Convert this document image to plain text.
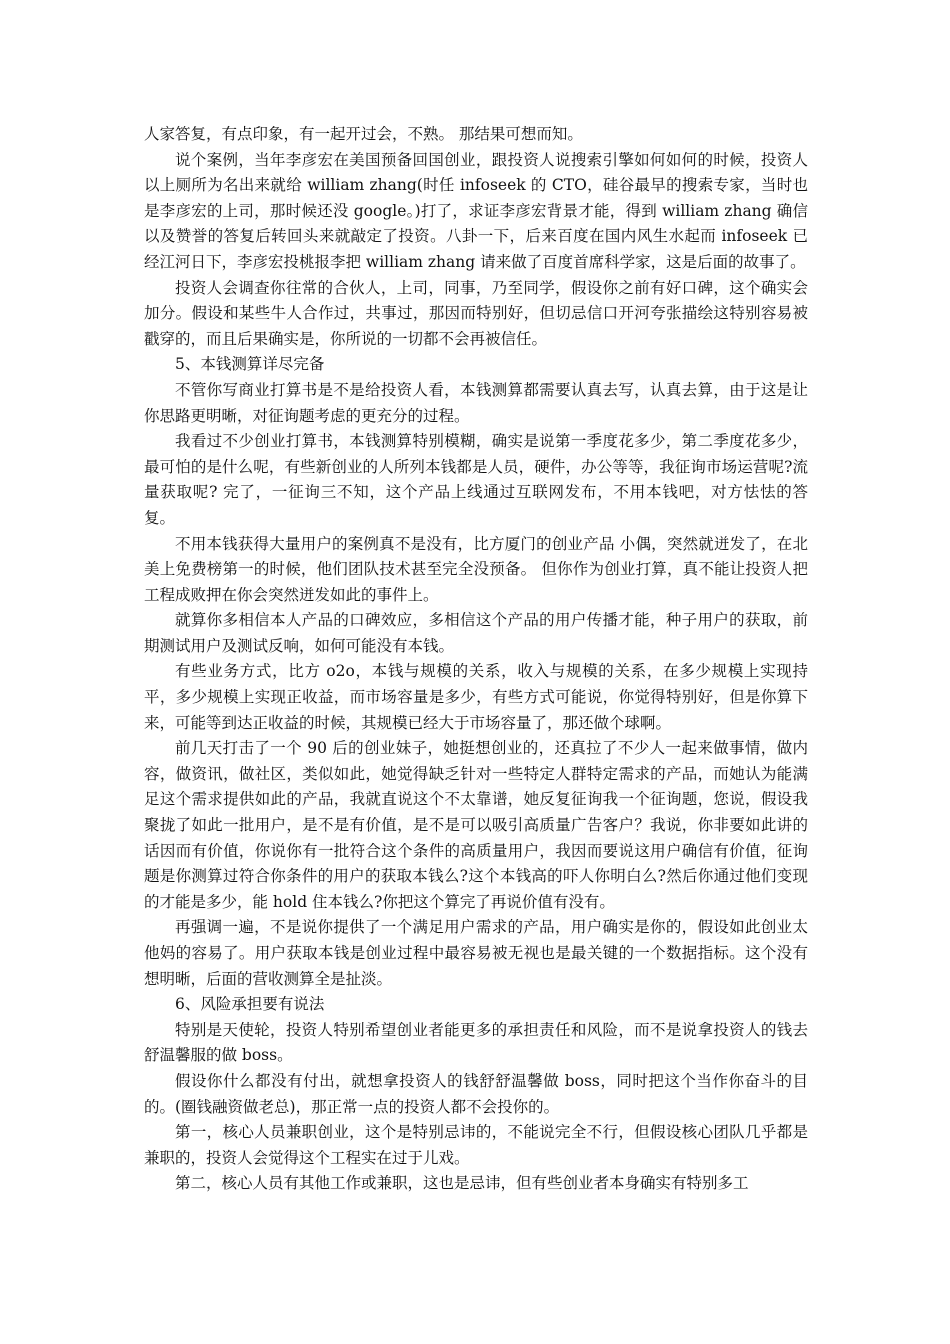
人家答复，有点印象，有一起开过会，不熟。 那结果可想而知。

说个案例，当年李彦宏在美国预备回国创业，跟投资人说搜索引擎如何如何的时候，投资人以上厕所为名出来就给 william zhang(时任 infoseek 的 CTO，硅谷最早的搜索专家，当时也是李彦宏的上司，那时候还没 google。)打了，求证李彦宏背景才能，得到 william zhang 确信以及赞誉的答复后转回头来就敲定了投资。八卦一下，后来百度在国内风生水起而 infoseek 已经江河日下，李彦宏投桃报李把 william zhang 请来做了百度首席科学家，这是后面的故事了。

投资人会调查你往常的合伙人，上司，同事，乃至同学，假设你之前有好口碑，这个确实会加分。假设和某些牛人合作过，共事过，那因而特别好，但切忌信口开河夸张描绘这特别容易被戳穿的，而且后果确实是，你所说的一切都不会再被信任。

5、本钱测算详尽完备

不管你写商业打算书是不是给投资人看，本钱测算都需要认真去写，认真去算，由于这是让你思路更明晰，对征询题考虑的更充分的过程。

我看过不少创业打算书，本钱测算特别模糊，确实是说第一季度花多少，第二季度花多少，最可怕的是什么呢，有些新创业的人所列本钱都是人员，硬件，办公等等，我征询市场运营呢?流量获取呢? 完了，一征询三不知，这个产品上线通过互联网发布，不用本钱吧，对方怯怯的答复。

不用本钱获得大量用户的案例真不是没有，比方厦门的创业产品 小偶，突然就迸发了，在北美上免费榜第一的时候，他们团队技术甚至完全没预备。 但你作为创业打算，真不能让投资人把工程成败押在你会突然迸发如此的事件上。

就算你多相信本人产品的口碑效应，多相信这个产品的用户传播才能，种子用户的获取，前期测试用户及测试反响，如何可能没有本钱。

有些业务方式，比方 o2o，本钱与规模的关系，收入与规模的关系，在多少规模上实现持平，多少规模上实现正收益，而市场容量是多少，有些方式可能说，你觉得特别好，但是你算下来，可能等到达正收益的时候，其规模已经大于市场容量了，那还做个球啊。

前几天打击了一个 90 后的创业妹子，她挺想创业的，还真拉了不少人一起来做事情，做内容，做资讯，做社区，类似如此，她觉得缺乏针对一些特定人群特定需求的产品，而她认为能满足这个需求提供如此的产品，我就直说这个不太靠谱，她反复征询我一个征询题，您说，假设我聚拢了如此一批用户，是不是有价值，是不是可以吸引高质量广告客户？我说，你非要如此讲的话因而有价值，你说你有一批符合这个条件的高质量用户，我因而要说这用户确信有价值，征询题是你测算过符合你条件的用户的获取本钱么?这个本钱高的吓人你明白么?然后你通过他们变现的才能是多少，能 hold 住本钱么?你把这个算完了再说价值有没有。

再强调一遍，不是说你提供了一个满足用户需求的产品，用户确实是你的，假设如此创业太他妈的容易了。用户获取本钱是创业过程中最容易被无视也是最关键的一个数据指标。这个没有想明晰，后面的营收测算全是扯淡。

6、风险承担要有说法

特别是天使轮，投资人特别希望创业者能更多的承担责任和风险，而不是说拿投资人的钱去舒温馨服的做 boss。

假设你什么都没有付出，就想拿投资人的钱舒舒温馨做 boss，同时把这个当作你奋斗的目的。(圈钱融资做老总)，那正常一点的投资人都不会投你的。

第一，核心人员兼职创业，这个是特别忌讳的，不能说完全不行，但假设核心团队几乎都是兼职的，投资人会觉得这个工程实在过于儿戏。

第二，核心人员有其他工作或兼职，这也是忌讳，但有些创业者本身确实有特别多工
